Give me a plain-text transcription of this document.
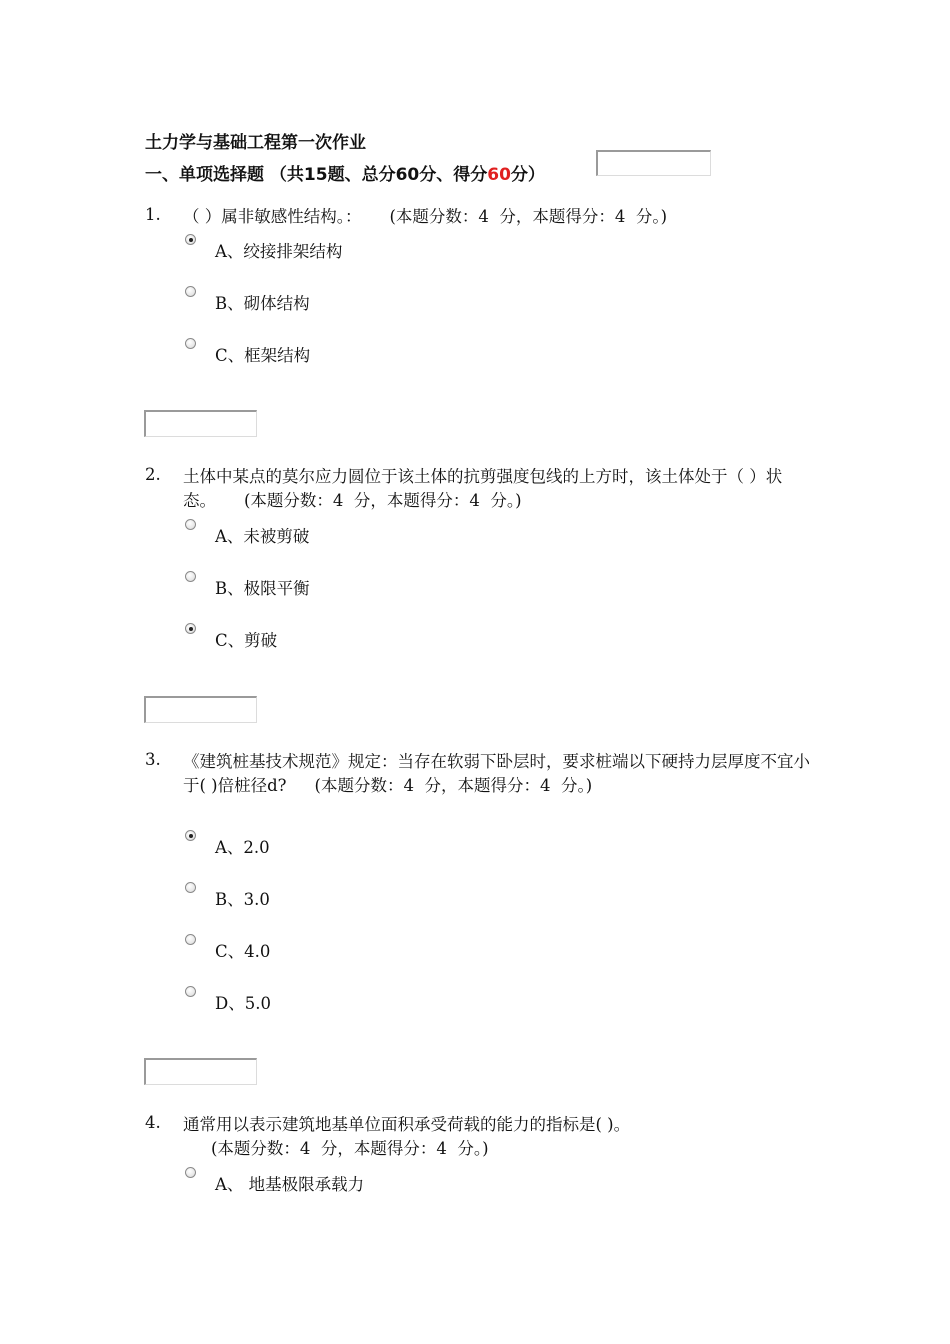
土力学与基础工程第一次作业
一、单项选择题 （共15题、总分60分、得分60分）
1. （ ）属非敏感性结构。： (本题分数：4  分，本题得分：4  分。)
A、绞接排架结构
B、砌体结构
C、框架结构
2. 土体中某点的莫尔应力圆位于该土体的抗剪强度包线的上方时，该土体处于（ ）状态。 (本题分数：4  分，本题得分：4  分。)
A、未被剪破
B、极限平衡
C、剪破
3. 《建筑桩基技术规范》规定：当存在软弱下卧层时，要求桩端以下硬持力层厚度不宜小于( )倍桩径d? (本题分数：4  分，本题得分：4  分。)
A、2.0
B、3.0
C、4.0
D、5.0
4. 通常用以表示建筑地基单位面积承受荷载的能力的指标是( )。(本题分数：4  分，本题得分：4  分。)
A、 地基极限承载力
